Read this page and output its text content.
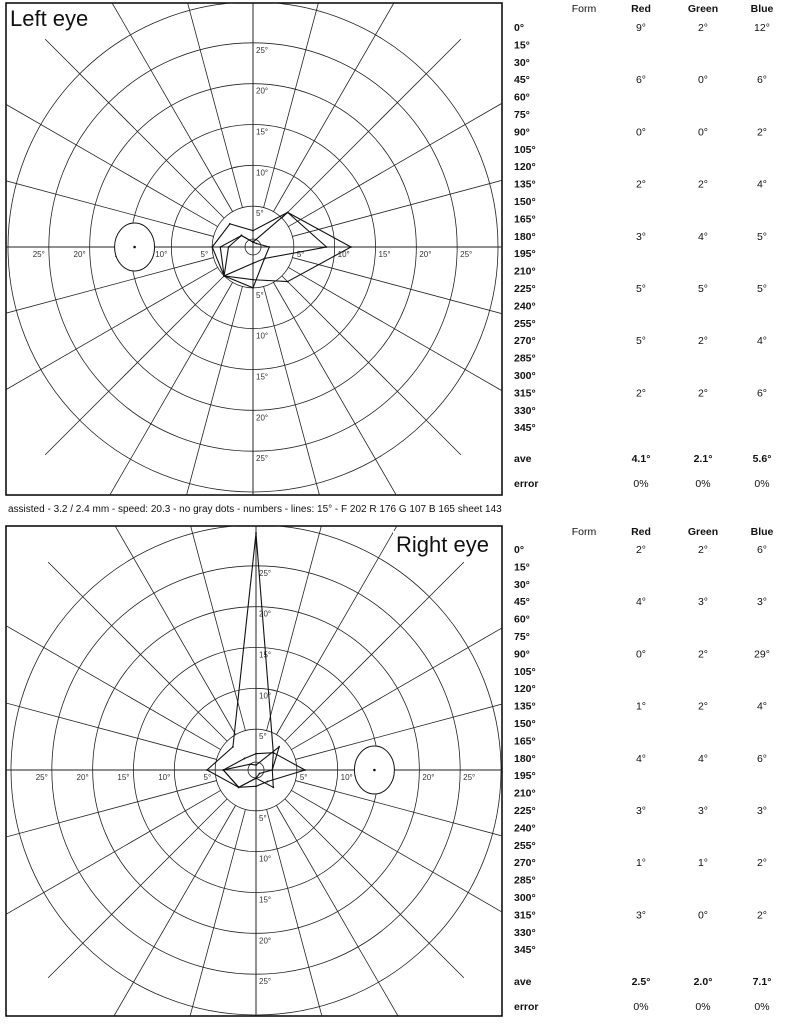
5°
5°
10°
10°
15°
15°
20°
20°
25°
25°
25°	20°	10°	5°	5°	10°	15°	20°	25°
Left eye
5°
5°
10°
10°
15°
15°
20°
20°
25°
25°
25°	20°	15°	10°	5°	5°	10°	20°	25°
Right eye
Form	Red	Green	Blue
0°	9°	2°	12°
15°
30°
45°	6°	0°	6°
60°
75°
90°	0°	0°	2°
105°
120°
135°	2°	2°	4°
150°
165°
180°	3°	4°	5°
195°
210°
225°	5°	5°	5°
240°
255°
270°	5°	2°	4°
285°
300°
315°	2°	2°	6°
330°
345°
ave	4.1°	2.1°	5.6°
error	0%	0%	0%
Form	Red	Green	Blue
0°	2°	2°	6°
15°
30°
45°	4°	3°	3°
60°
75°
90°	0°	2°	29°
105°
120°
135°	1°	2°	4°
150°
165°
180°	4°	4°	6°
195°
210°
225°	3°	3°	3°
240°
255°
270°	1°	1°	2°
285°
300°
315°	3°	0°	2°
330°
345°
ave	2.5°	2.0°	7.1°
error	0%	0%	0%
assisted - 3.2 / 2.4 mm - speed: 20.3 - no gray dots - numbers - lines: 15° - F 202 R 176 G 107 B 165 sheet 143
